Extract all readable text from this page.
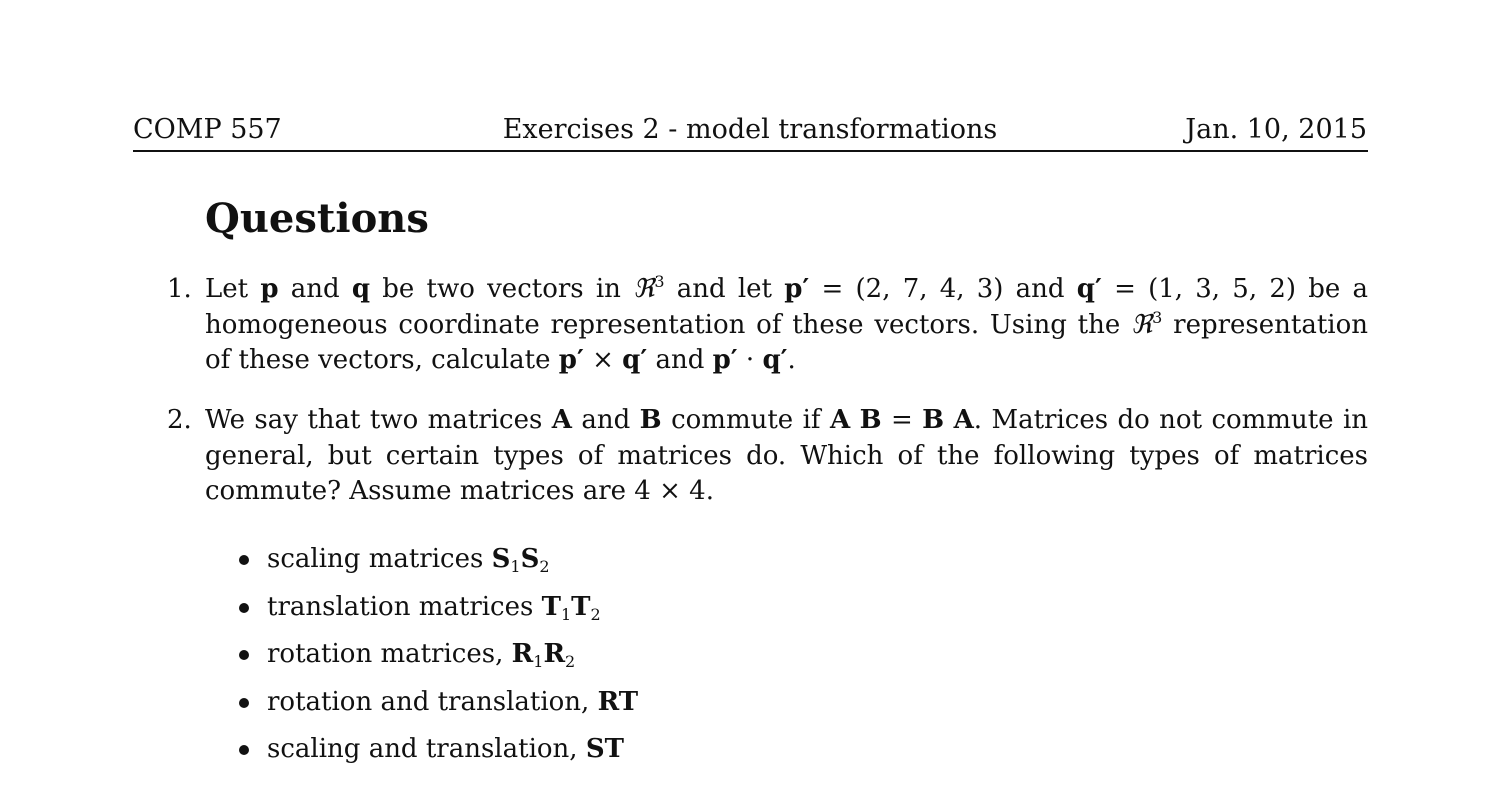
COMP 557	Exercises 2 - model transformations	Jan. 10, 2015
Questions
1. Let p and q be two vectors in ℜ$^3$ and let p′ = (2, 7, 4, 3) and q′ = (1, 3, 5, 2) be a homogeneous coordinate representation of these vectors. Using the ℜ$^3$ representation of these vectors, calculate p′ × q′ and p′ · q′.
2. We say that two matrices A and B commute if A B = B A. Matrices do not commute in general, but certain types of matrices do. Which of the following types of matrices commute? Assume matrices are 4 × 4.
scaling matrices $S_1S_2$
translation matrices $T_1T_2$
rotation matrices, $R_1R_2$
rotation and translation, RT
scaling and translation, ST
